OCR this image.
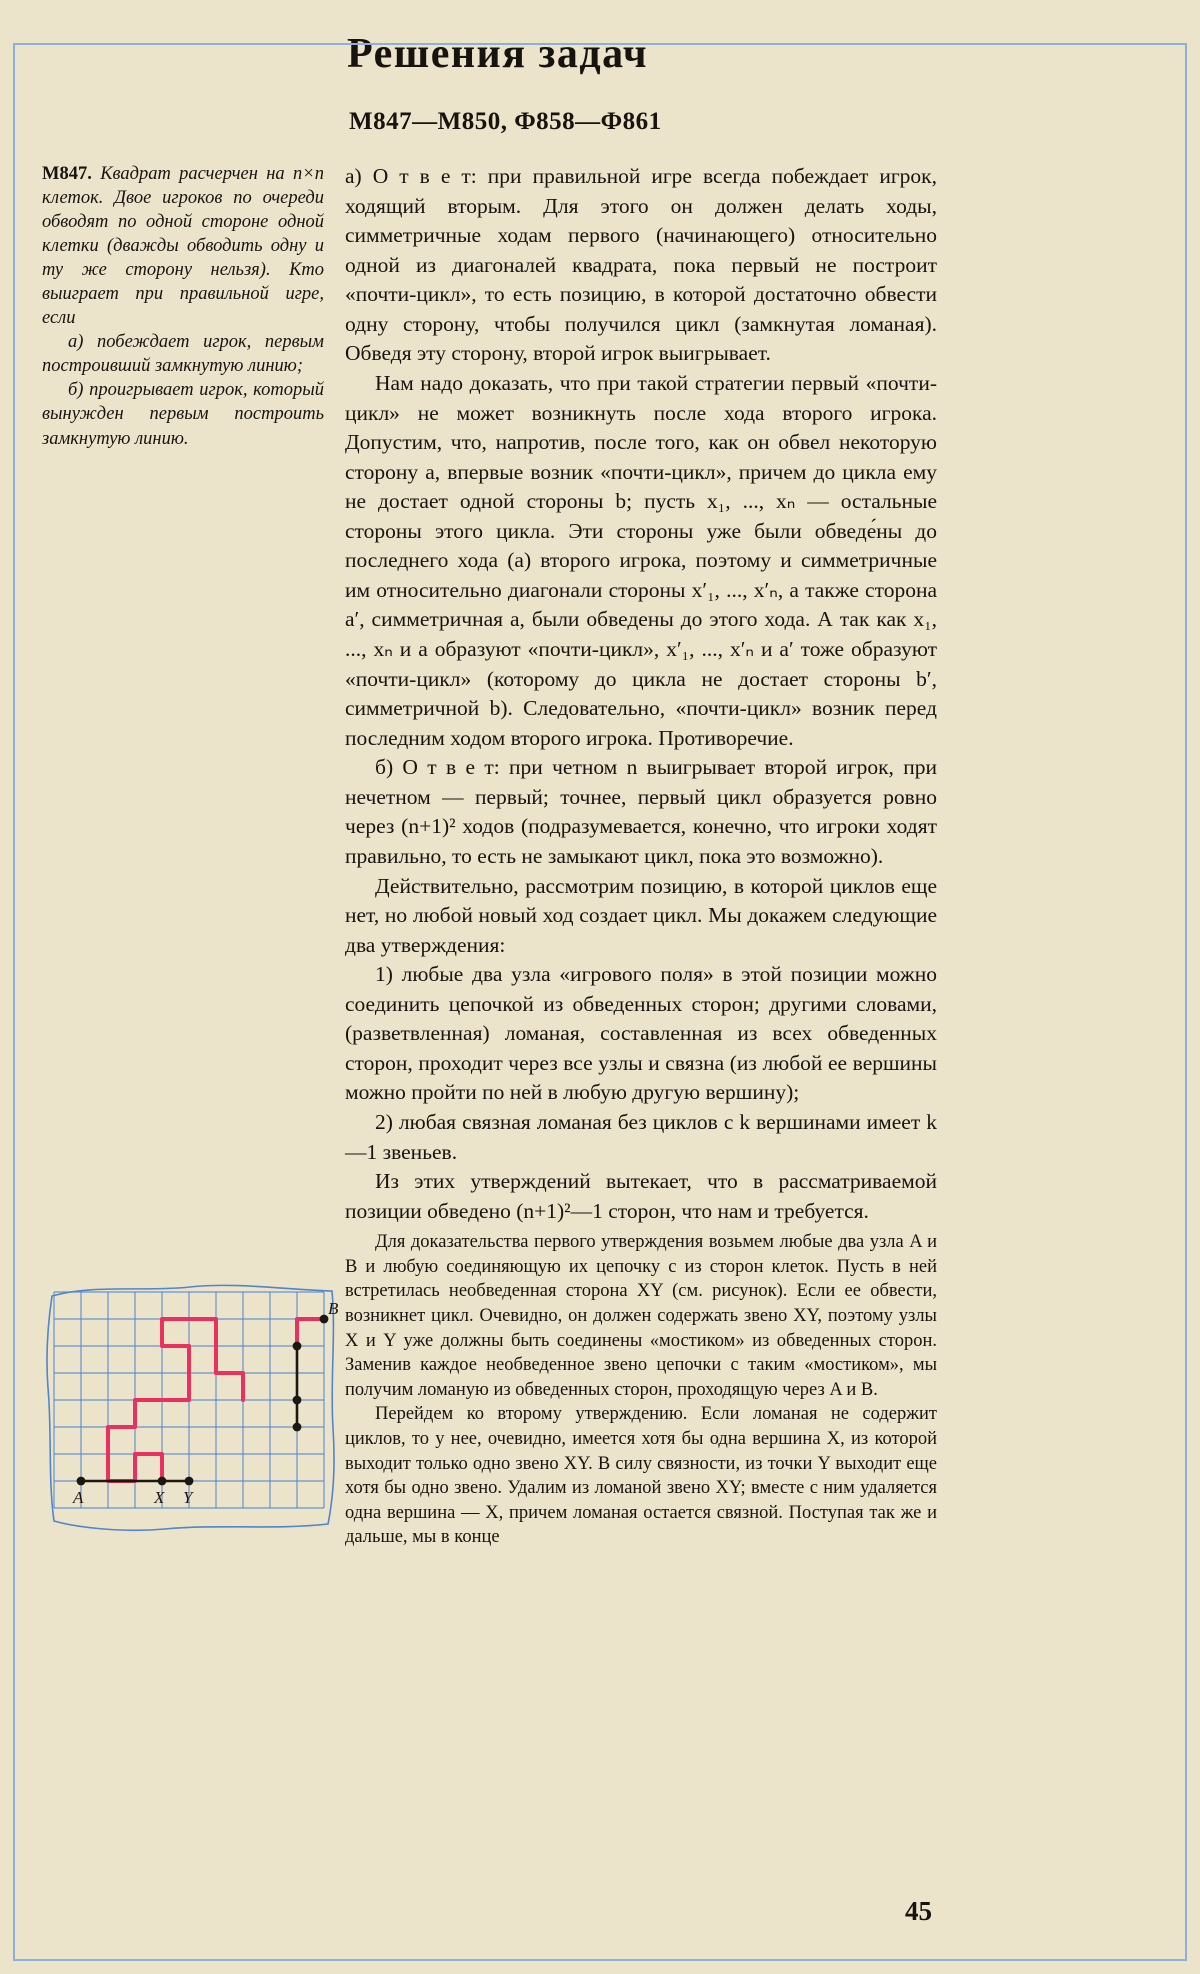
Решения задач
М847—М850, Ф858—Ф861

М847. Квадрат расчерчен на n×n клеток. Двое игроков по очереди обводят по одной стороне одной клетки (дважды обводить одну и ту же сторону нельзя). Кто выиграет при правильной игре, если

а) побеждает игрок, первым построивший замкнутую линию;

б) проигрывает игрок, который вынужден первым построить замкнутую линию.

а) О т в е т: при правильной игре всегда побеждает игрок, ходящий вторым. Для этого он должен делать ходы, симметричные ходам первого (начинающего) относительно одной из диагоналей квадрата, пока первый не построит «почти-цикл», то есть позицию, в которой достаточно обвести одну сторону, чтобы получился цикл (замкнутая ломаная). Обведя эту сторону, второй игрок выигрывает.

Нам надо доказать, что при такой стратегии первый «почти-цикл» не может возникнуть после хода второго игрока. Допустим, что, напротив, после того, как он обвел некоторую сторону a, впервые возник «почти-цикл», причем до цикла ему не достает одной стороны b; пусть x₁, ..., xₙ — остальные стороны этого цикла. Эти стороны уже были обведе́ны до последнего хода (a) второго игрока, поэтому и симметричные им относительно диагонали стороны x′₁, ..., x′ₙ, а также сторона a′, симметричная a, были обведены до этого хода. А так как x₁, ..., xₙ и a образуют «почти-цикл», x′₁, ..., x′ₙ и a′ тоже образуют «почти-цикл» (которому до цикла не достает стороны b′, симметричной b). Следовательно, «почти-цикл» возник перед последним ходом второго игрока. Противоречие.

б) О т в е т: при четном n выигрывает второй игрок, при нечетном — первый; точнее, первый цикл образуется ровно через (n+1)² ходов (подразумевается, конечно, что игроки ходят правильно, то есть не замыкают цикл, пока это возможно).

Действительно, рассмотрим позицию, в которой циклов еще нет, но любой новый ход создает цикл. Мы докажем следующие два утверждения:

1) любые два узла «игрового поля» в этой позиции можно соединить цепочкой из обведенных сторон; другими словами, (разветвленная) ломаная, составленная из всех обведенных сторон, проходит через все узлы и связна (из любой ее вершины можно пройти по ней в любую другую вершину);

2) любая связная ломаная без циклов с k вершинами имеет k—1 звеньев.

Из этих утверждений вытекает, что в рассматриваемой позиции обведено (n+1)²—1 сторон, что нам и требуется.

Для доказательства первого утверждения возьмем любые два узла A и B и любую соединяющую их цепочку c из сторон клеток. Пусть в ней встретилась необведенная сторона XY (см. рисунок). Если ее обвести, возникнет цикл. Очевидно, он должен содержать звено XY, поэтому узлы X и Y уже должны быть соединены «мостиком» из обведенных сторон. Заменив каждое необведенное звено цепочки c таким «мостиком», мы получим ломаную из обведенных сторон, проходящую через A и B.

Перейдем ко второму утверждению. Если ломаная не содержит циклов, то у нее, очевидно, имеется хотя бы одна вершина X, из которой выходит только одно звено XY. В силу связности, из точки Y выходит еще хотя бы одно звено. Удалим из ломаной звено XY; вместе с ним удаляется одна вершина — X, причем ломаная остается связной. Поступая так же и дальше, мы в конце

A	X Y
B
45
